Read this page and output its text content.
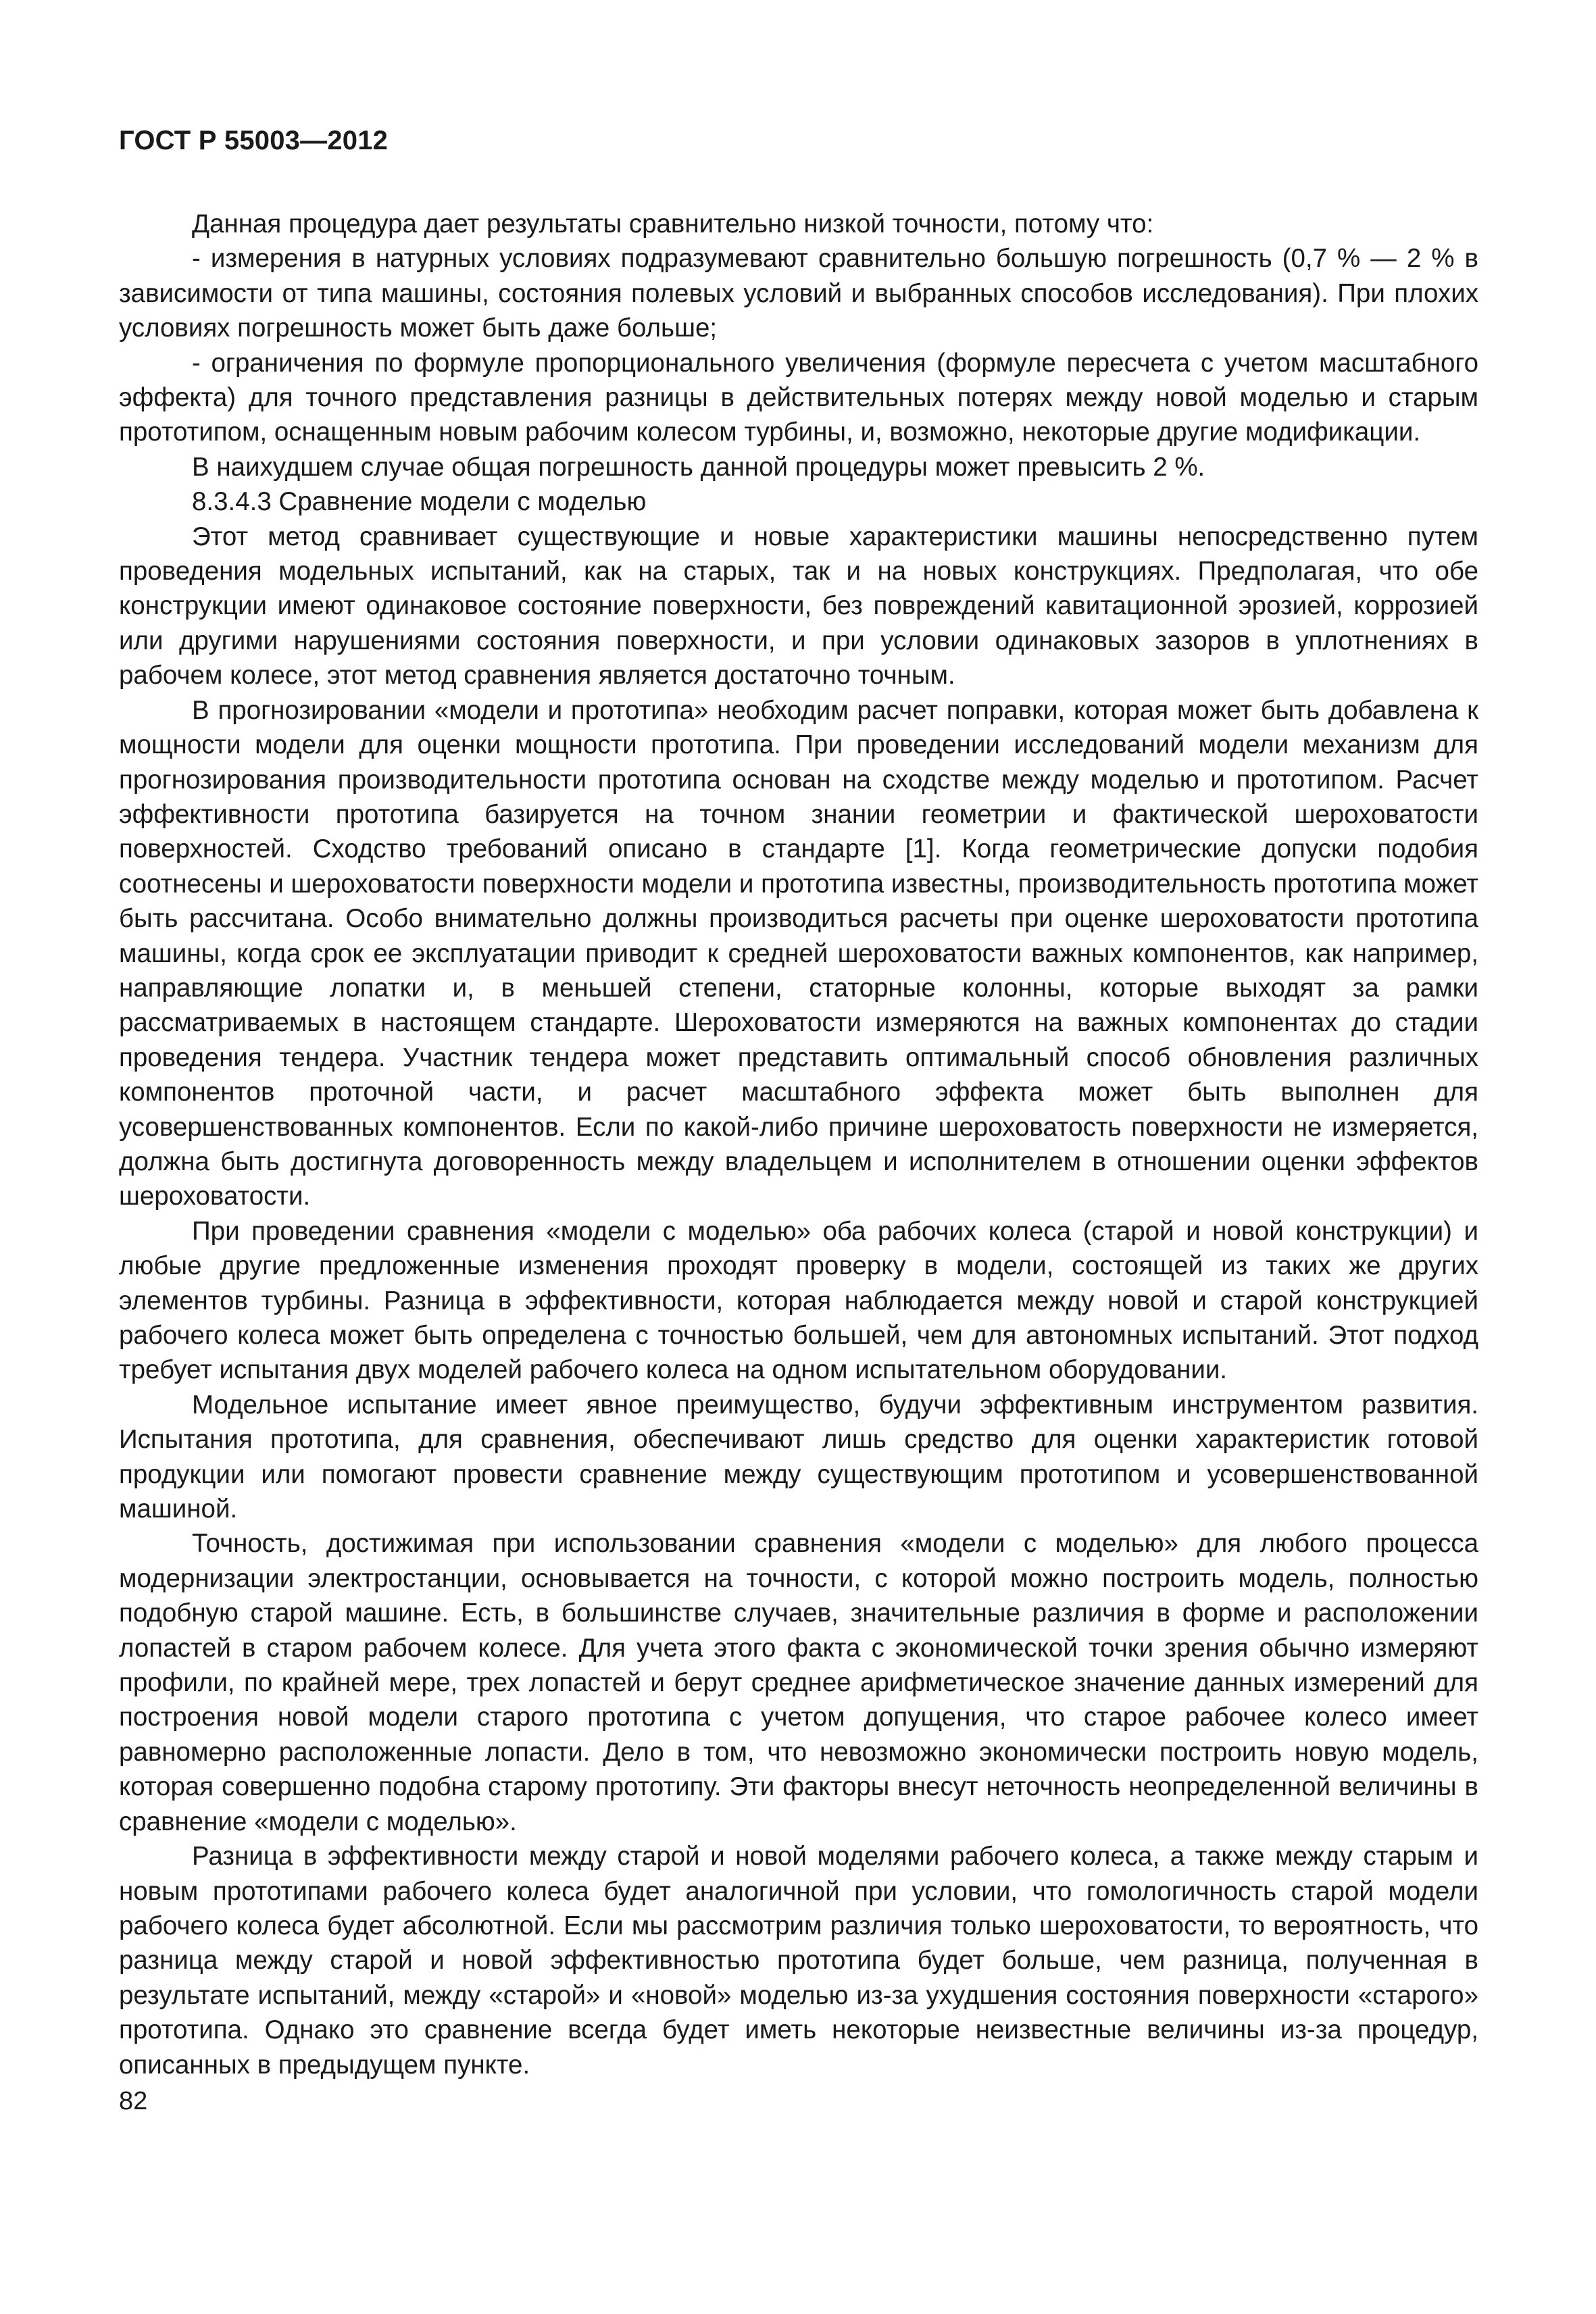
ГОСТ Р 55003—2012

Данная процедура дает результаты сравнительно низкой точности, потому что:

- измерения в натурных условиях подразумевают сравнительно большую погрешность (0,7 % — 2 % в зависимости от типа машины, состояния полевых условий и выбранных способов исследования). При плохих условиях погрешность может быть даже больше;

- ограничения по формуле пропорционального увеличения (формуле пересчета с учетом масштабного эффекта) для точного представления разницы в действительных потерях между новой моделью и старым прототипом, оснащенным новым рабочим колесом турбины, и, возможно, некоторые другие модификации.

В наихудшем случае общая погрешность данной процедуры может превысить 2 %.

8.3.4.3 Сравнение модели с моделью

Этот метод сравнивает существующие и новые характеристики машины непосредственно путем проведения модельных испытаний, как на старых, так и на новых конструкциях. Предполагая, что обе конструкции имеют одинаковое состояние поверхности, без повреждений кавитационной эрозией, коррозией или другими нарушениями состояния поверхности, и при условии одинаковых зазоров в уплотнениях в рабочем колесе, этот метод сравнения является достаточно точным.

В прогнозировании «модели и прототипа» необходим расчет поправки, которая может быть добавлена к мощности модели для оценки мощности прототипа. При проведении исследований модели механизм для прогнозирования производительности прототипа основан на сходстве между моделью и прототипом. Расчет эффективности прототипа базируется на точном знании геометрии и фактической шероховатости поверхностей. Сходство требований описано в стандарте [1]. Когда геометрические допуски подобия соотнесены и шероховатости поверхности модели и прототипа известны, производительность прототипа может быть рассчитана. Особо внимательно должны производиться расчеты при оценке шероховатости прототипа машины, когда срок ее эксплуатации приводит к средней шероховатости важных компонентов, как например, направляющие лопатки и, в меньшей степени, статорные колонны, которые выходят за рамки рассматриваемых в настоящем стандарте. Шероховатости измеряются на важных компонентах до стадии проведения тендера. Участник тендера может представить оптимальный способ обновления различных компонентов проточной части, и расчет масштабного эффекта может быть выполнен для усовершенствованных компонентов. Если по какой-либо причине шероховатость поверхности не измеряется, должна быть достигнута договоренность между владельцем и исполнителем в отношении оценки эффектов шероховатости.

При проведении сравнения «модели с моделью» оба рабочих колеса (старой и новой конструкции) и любые другие предложенные изменения проходят проверку в модели, состоящей из таких же других элементов турбины. Разница в эффективности, которая наблюдается между новой и старой конструкцией рабочего колеса может быть определена с точностью большей, чем для автономных испытаний. Этот подход требует испытания двух моделей рабочего колеса на одном испытательном оборудовании.

Модельное испытание имеет явное преимущество, будучи эффективным инструментом развития. Испытания прототипа, для сравнения, обеспечивают лишь средство для оценки характеристик готовой продукции или помогают провести сравнение между существующим прототипом и усовершенствованной машиной.

Точность, достижимая при использовании сравнения «модели с моделью» для любого процесса модернизации электростанции, основывается на точности, с которой можно построить модель, полностью подобную старой машине. Есть, в большинстве случаев, значительные различия в форме и расположении лопастей в старом рабочем колесе. Для учета этого факта с экономической точки зрения обычно измеряют профили, по крайней мере, трех лопастей и берут среднее арифметическое значение данных измерений для построения новой модели старого прототипа с учетом допущения, что старое рабочее колесо имеет равномерно расположенные лопасти. Дело в том, что невозможно экономически построить новую модель, которая совершенно подобна старому прототипу. Эти факторы внесут неточность неопределенной величины в сравнение «модели с моделью».

Разница в эффективности между старой и новой моделями рабочего колеса, а также между старым и новым прототипами рабочего колеса будет аналогичной при условии, что гомологичность старой модели рабочего колеса будет абсолютной. Если мы рассмотрим различия только шероховатости, то вероятность, что разница между старой и новой эффективностью прототипа будет больше, чем разница, полученная в результате испытаний, между «старой» и «новой» моделью из-за ухудшения состояния поверхности «старого» прототипа. Однако это сравнение всегда будет иметь некоторые неизвестные величины из-за процедур, описанных в предыдущем пункте.

82
